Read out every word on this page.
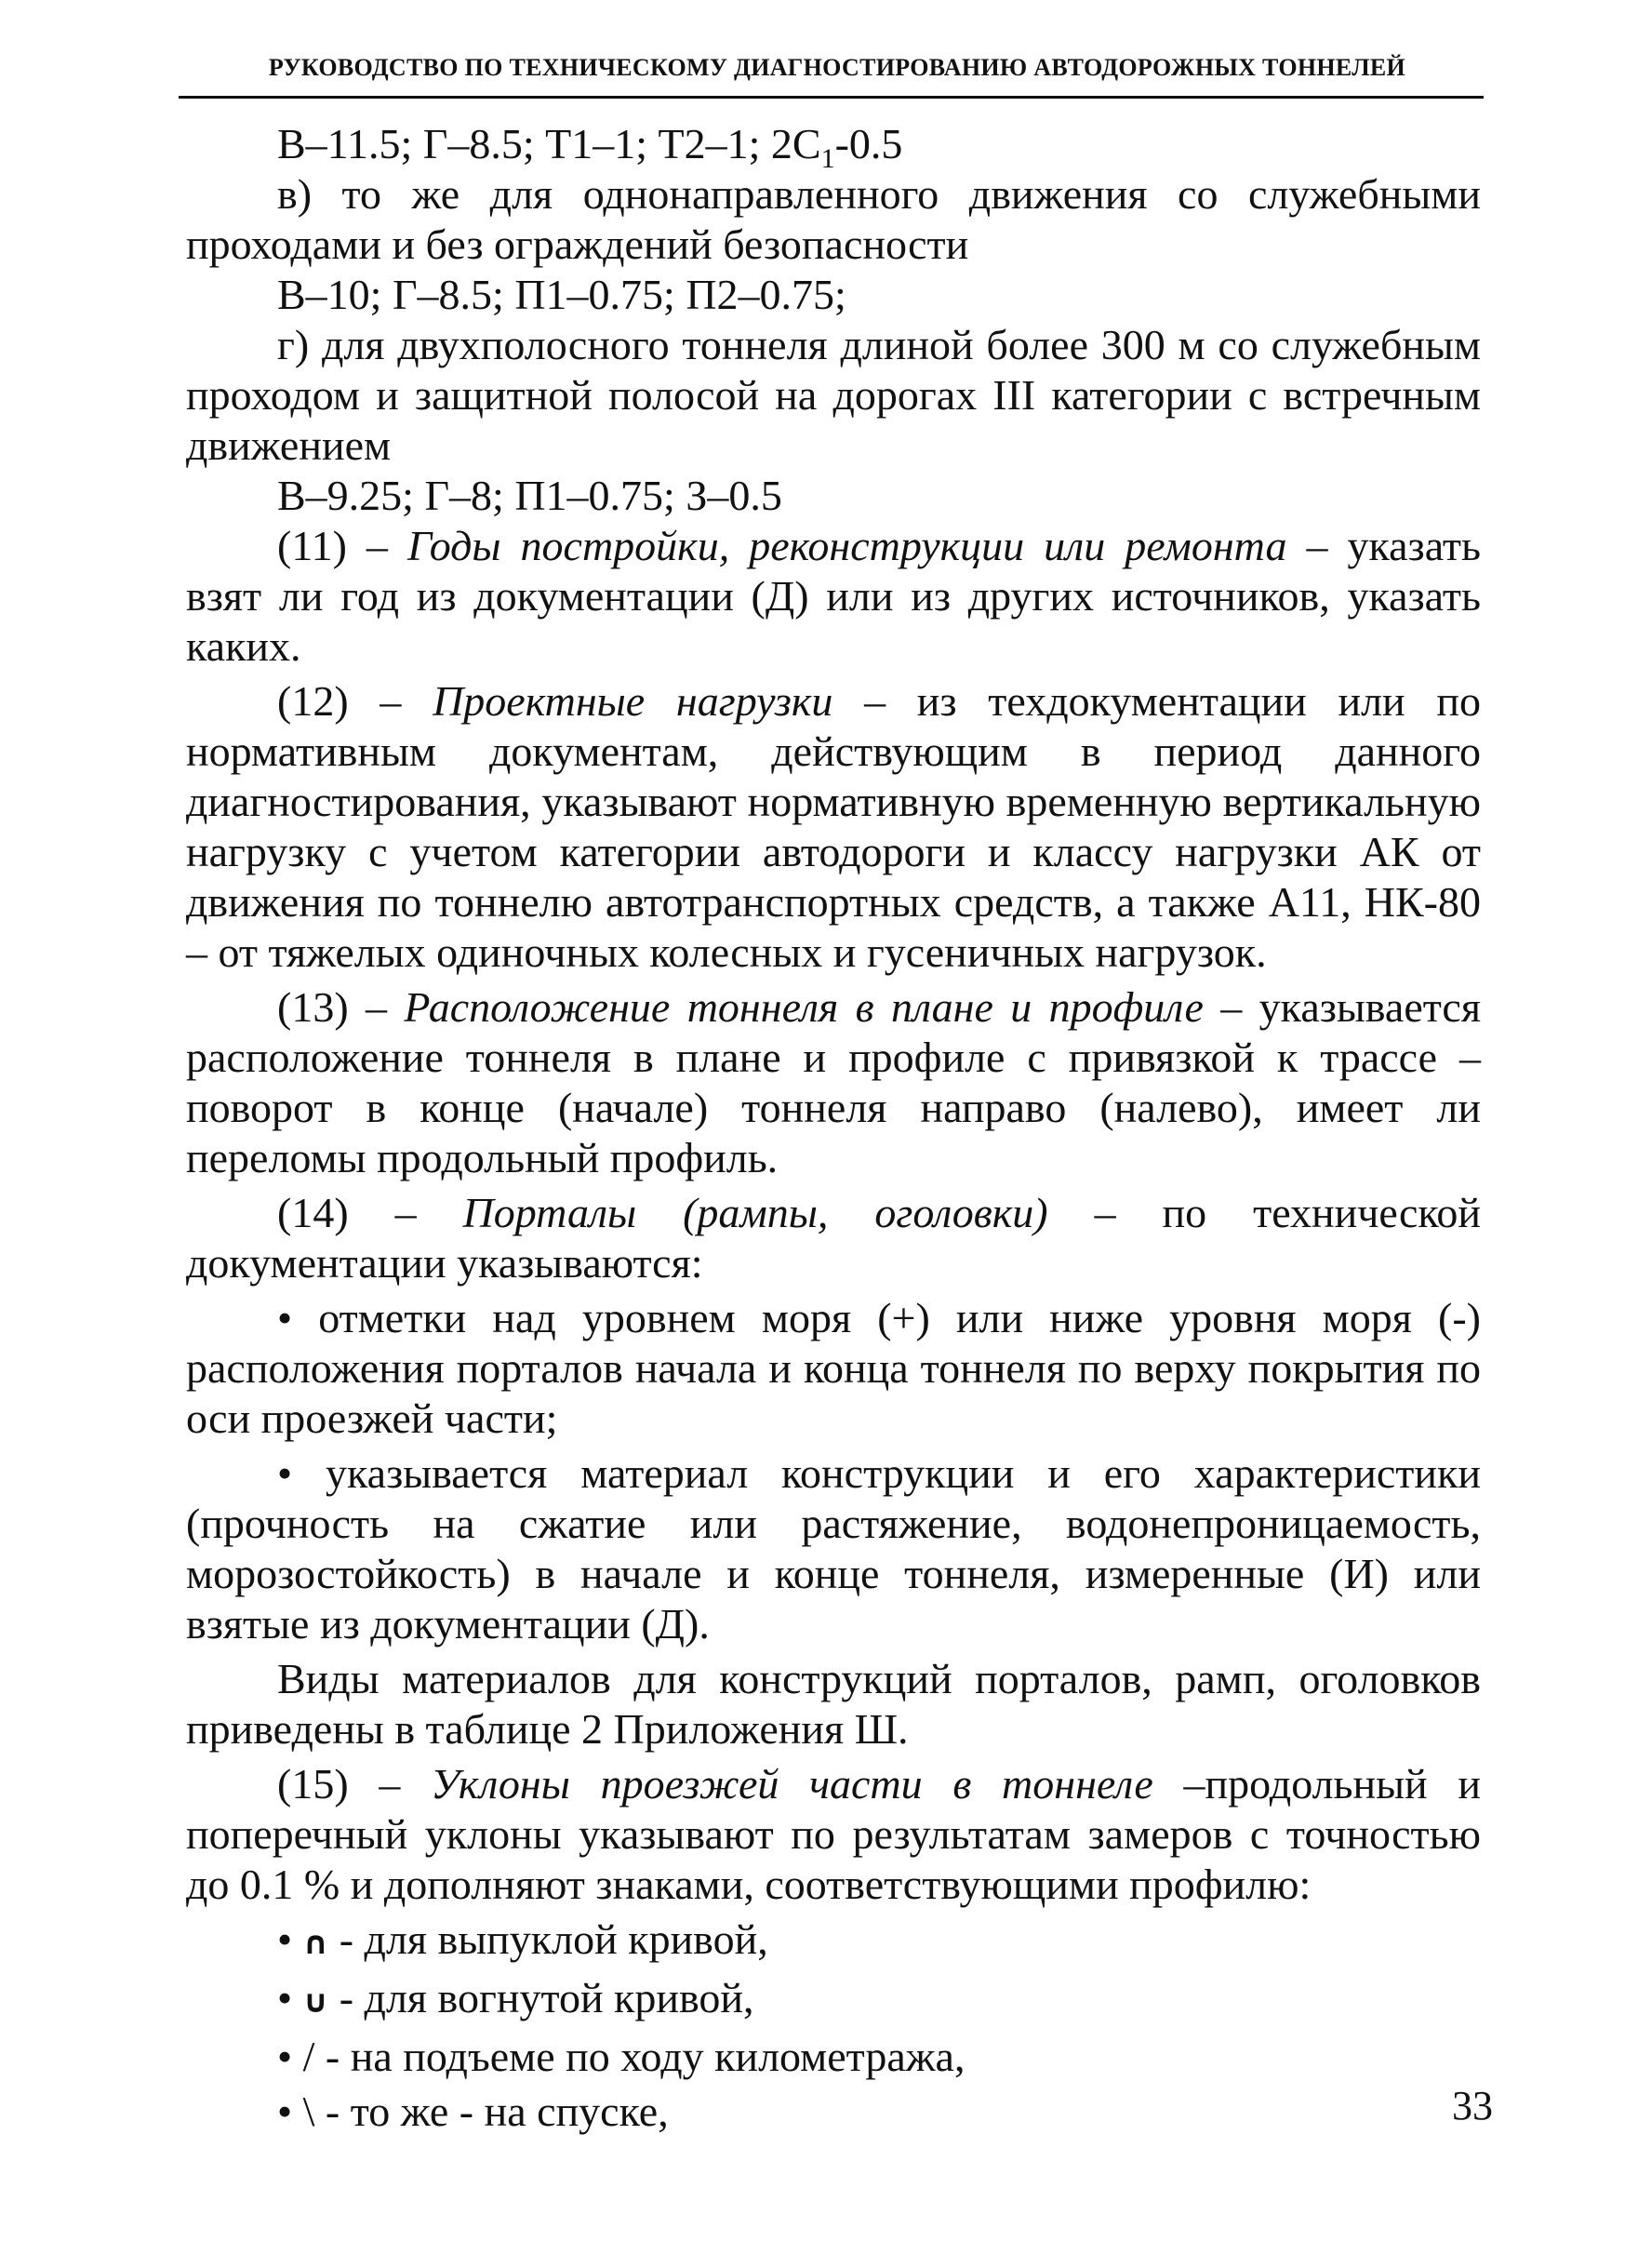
РУКОВОДСТВО ПО ТЕХНИЧЕСКОМУ ДИАГНОСТИРОВАНИЮ АВТОДОРОЖНЫХ ТОННЕЛЕЙ

В–11.5; Г–8.5; Т1–1; Т2–1; $2С_1-0.5$

в) то же для однонаправленного движения со служебными проходами и без ограждений безопасности

В–10; Г–8.5; П1–0.75; П2–0.75;

г) для двухполосного тоннеля длиной более 300 м со служебным проходом и защитной полосой на дорогах III категории с встречным движением

В–9.25; Г–8; П1–0.75; З–0.5

(11) – Годы постройки, реконструкции или ремонта – указать взят ли год из документации (Д) или из других источников, указать каких.

(12) – Проектные нагрузки – из техдокументации или по нормативным документам, действующим в период данного диагностирования, указывают нормативную временную вертикальную нагрузку с учетом категории автодороги и классу нагрузки АК от движения по тоннелю автотранспортных средств, а также А11, НК-80 – от тяжелых одиночных колесных и гусеничных нагрузок.

(13) – Расположение тоннеля в плане и профиле – указывается расположение тоннеля в плане и профиле с привязкой к трассе – поворот в конце (начале) тоннеля направо (налево), имеет ли переломы продольный профиль.

(14) – Порталы (рампы, оголовки) – по технической документации указываются:

• отметки над уровнем моря (+) или ниже уровня моря (-) расположения порталов начала и конца тоннеля по верху покрытия по оси проезжей части;

• указывается материал конструкции и его характеристики (прочность на сжатие или растяжение, водонепроницаемость, морозостойкость) в начале и конце тоннеля, измеренные (И) или взятые из документации (Д).

Виды материалов для конструкций порталов, рамп, оголовков приведены в таблице 2 Приложения Ш.

(15) – Уклоны проезжей части в тоннеле –продольный и поперечный уклоны указывают по результатам замеров с точностью до 0.1 % и дополняют знаками, соответствующими профилю:

• ∩ - для выпуклой кривой,

• ∪ - для вогнутой кривой,

• / - на подъеме по ходу километража,

• \ - то же - на спуске,	33
